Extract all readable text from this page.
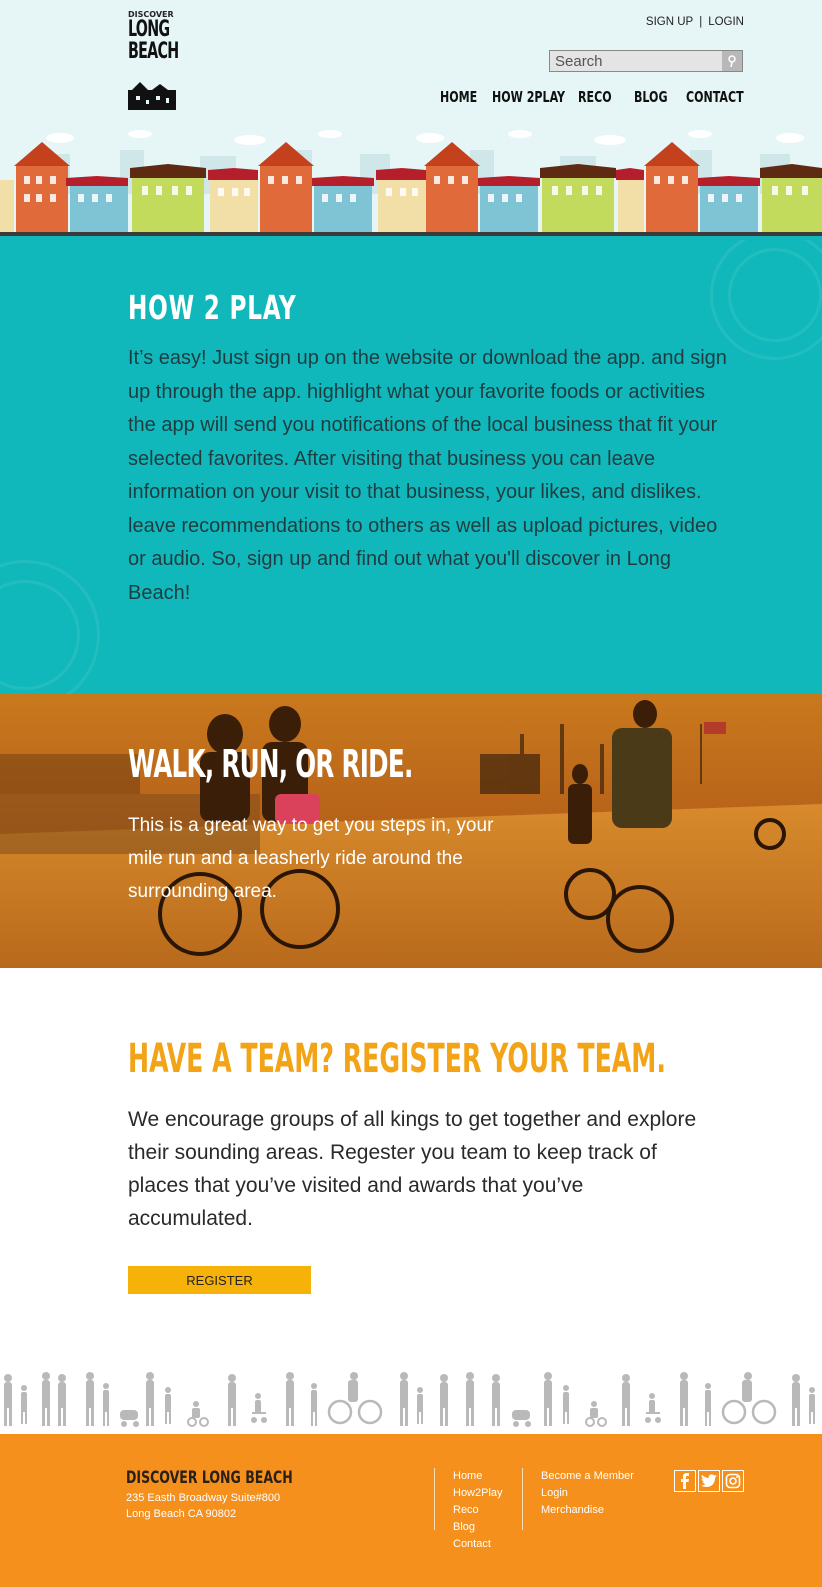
DISCOVER
LONG
BEACH
SIGN UP | LOGIN
Search
HOME HOW 2PLAY RECO BLOG CONTACT
HOW 2 PLAY

It’s easy! Just sign up on the website or download the app. and sign up through the app. highlight what your favorite foods or activities the app will send you notifications of the local business that fit your selected favorites. After visiting that business you can leave information on your visit to that business, your likes, and dislikes. leave recommendations to others as well as upload pictures, video or audio. So, sign up and find out what you'll discover in Long Beach!

WALK, RUN, OR RIDE.

This is a great way to get you steps in, your mile run and a leasherly ride around the surrounding area.

HAVE A TEAM? REGISTER YOUR TEAM.

We encourage groups of all kings to get together and explore their sounding areas. Regester you team to keep track of places that you’ve visited and awards that you’ve accumulated.

REGISTER
DISCOVER LONG BEACH
235 Easth Broadway Suite#800
Long Beach CA 90802
Home
How2Play
Reco
Blog
Contact
Become a Member
Login
Merchandise
